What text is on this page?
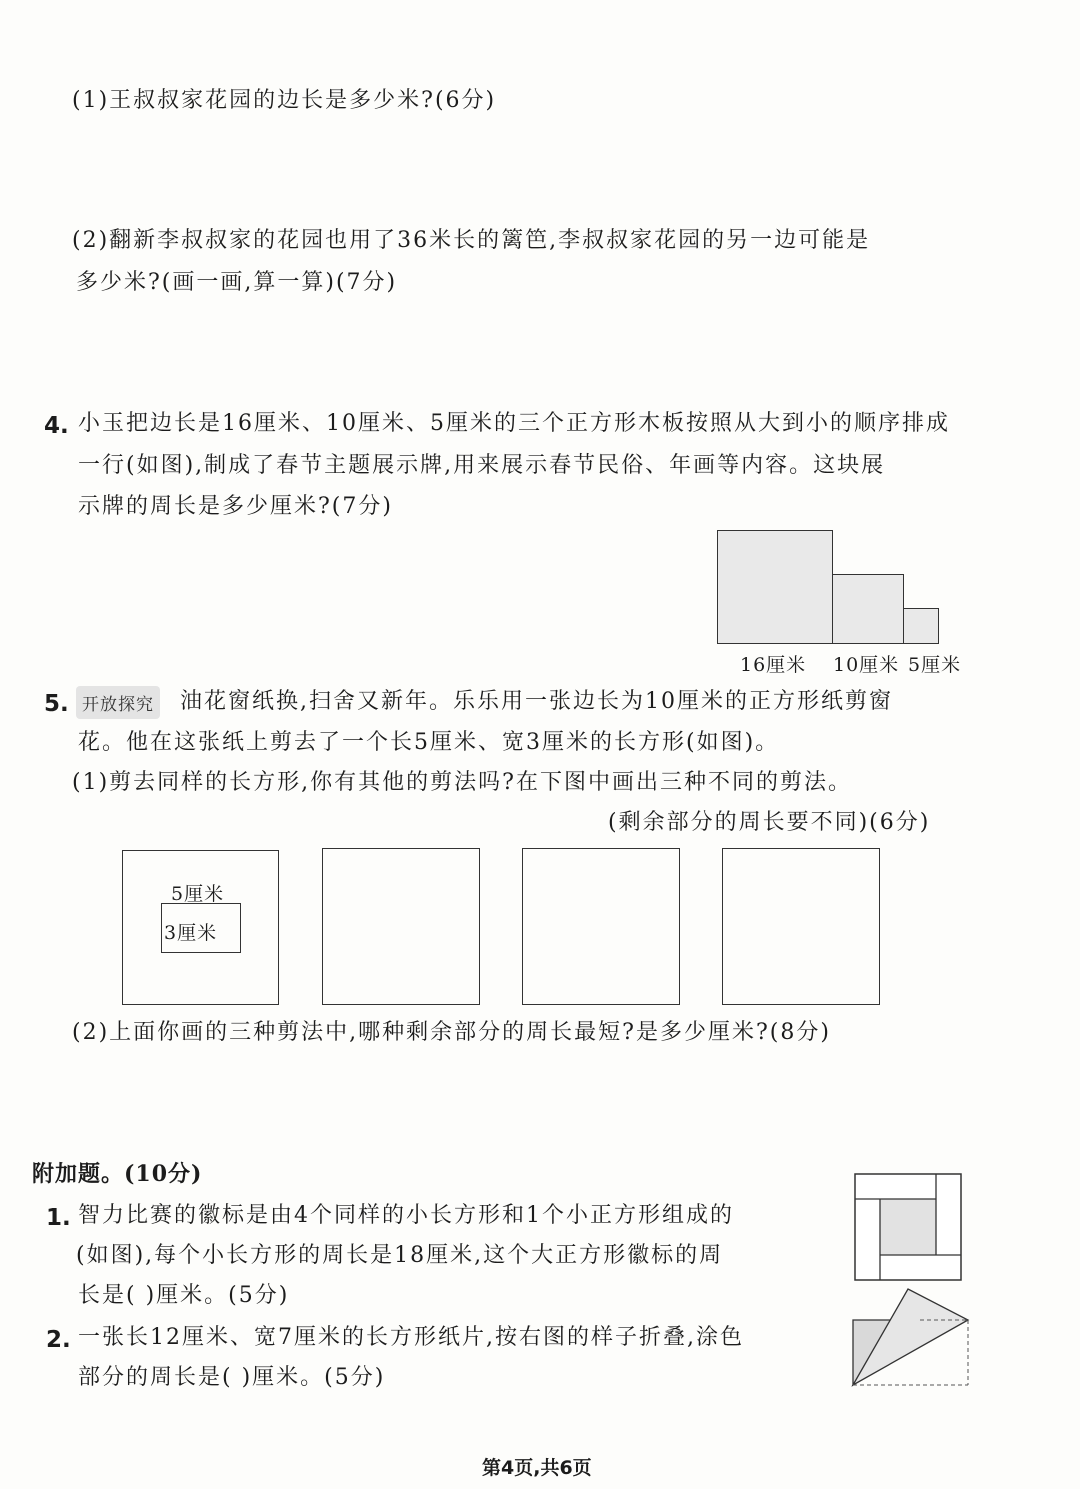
(1)王叔叔家花园的边长是多少米?(6分)
(2)翻新李叔叔家的花园也用了36米长的篱笆,李叔叔家花园的另一边可能是
多少米?(画一画,算一算)(7分)
4. 小玉把边长是16厘米、10厘米、5厘米的三个正方形木板按照从大到小的顺序排成
一行(如图),制成了春节主题展示牌,用来展示春节民俗、年画等内容。这块展
示牌的周长是多少厘米?(7分)
16厘米 10厘米 5厘米
5. 开放探究 油花窗纸换,扫舍又新年。乐乐用一张边长为10厘米的正方形纸剪窗
花。他在这张纸上剪去了一个长5厘米、宽3厘米的长方形(如图)。
(1)剪去同样的长方形,你有其他的剪法吗?在下图中画出三种不同的剪法。
(剩余部分的周长要不同)(6分)
5厘米
3厘米
(2)上面你画的三种剪法中,哪种剩余部分的周长最短?是多少厘米?(8分)
附加题。(10分)
1. 智力比赛的徽标是由4个同样的小长方形和1个小正方形组成的
(如图),每个小长方形的周长是18厘米,这个大正方形徽标的周
长是( )厘米。(5分)
2. 一张长12厘米、宽7厘米的长方形纸片,按右图的样子折叠,涂色
部分的周长是( )厘米。(5分)
第4页,共6页
